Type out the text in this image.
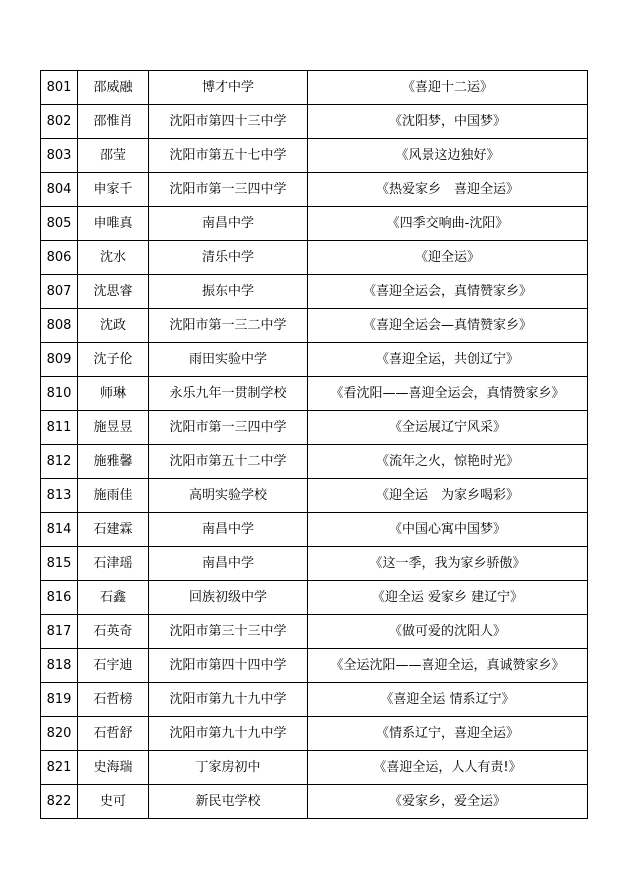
801	邵威融	博才中学	《喜迎十二运》
802	邵惟肖	沈阳市第四十三中学	《沈阳梦，中国梦》
803	邵莹	沈阳市第五十七中学	《风景这边独好》
804	申家千	沈阳市第一三四中学	《热爱家乡　喜迎全运》
805	申唯真	南昌中学	《四季交响曲-沈阳》
806	沈水	清乐中学	《迎全运》
807	沈思睿	振东中学	《喜迎全运会，真情赞家乡》
808	沈政	沈阳市第一三二中学	《喜迎全运会—真情赞家乡》
809	沈子伦	雨田实验中学	《喜迎全运，共创辽宁》
810	师琳	永乐九年一贯制学校	《看沈阳——喜迎全运会，真情赞家乡》
811	施昱昱	沈阳市第一三四中学	《全运展辽宁风采》
812	施雅馨	沈阳市第五十二中学	《流年之火，惊艳时光》
813	施雨佳	高明实验学校	《迎全运　为家乡喝彩》
814	石建霖	南昌中学	《中国心寓中国梦》
815	石津瑶	南昌中学	《这一季，我为家乡骄傲》
816	石鑫	回族初级中学	《迎全运 爱家乡 建辽宁》
817	石英奇	沈阳市第三十三中学	《做可爱的沈阳人》
818	石宇迪	沈阳市第四十四中学	《全运沈阳——喜迎全运，真诚赞家乡》
819	石哲榜	沈阳市第九十九中学	《喜迎全运 情系辽宁》
820	石哲舒	沈阳市第九十九中学	《情系辽宁，喜迎全运》
821	史海瑞	丁家房初中	《喜迎全运，人人有责!》
822	史可	新民屯学校	《爱家乡，爱全运》
